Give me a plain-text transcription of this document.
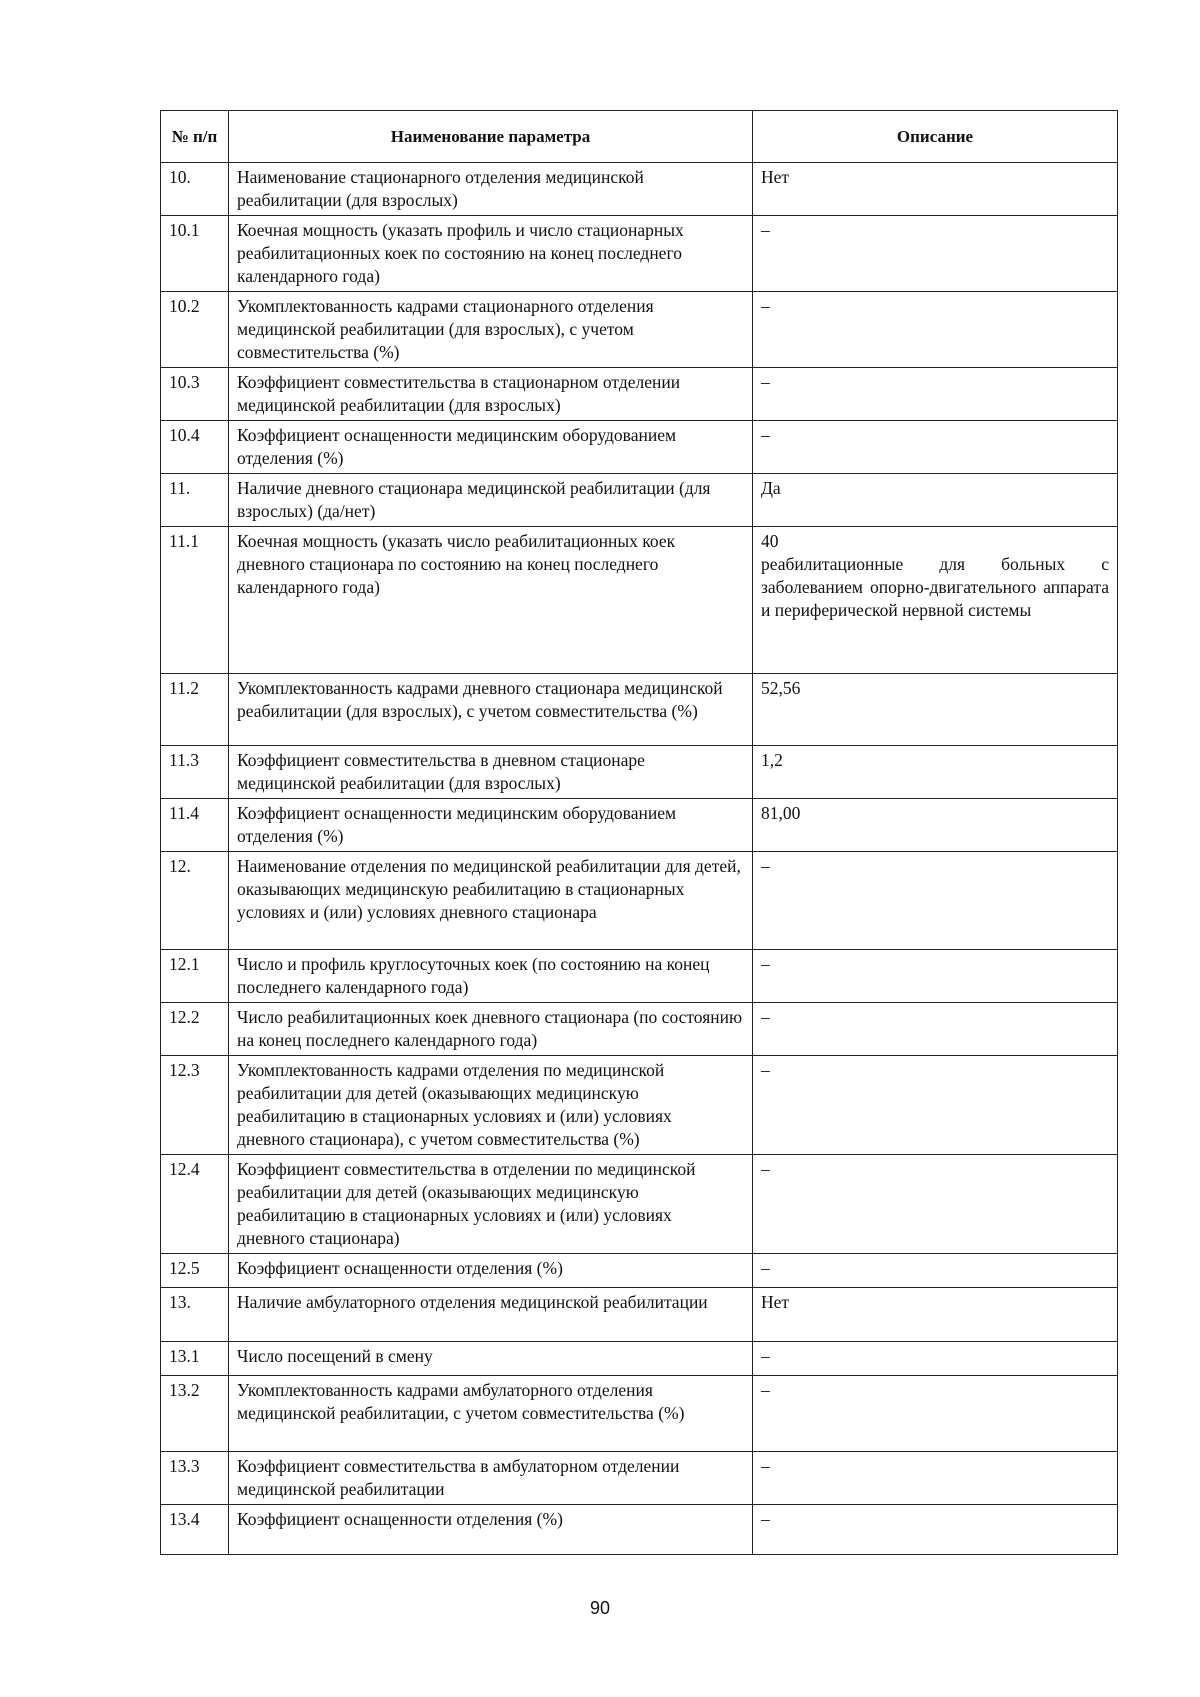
№ п/п	Наименование параметра	Описание
10.	Наименование стационарного отделения медицинской реабилитации (для взрослых)	Нет
10.1	Коечная мощность (указать профиль и число стационарных реабилитационных коек по состоянию на конец последнего календарного года)	–
10.2	Укомплектованность кадрами стационарного отделения медицинской реабилитации (для взрослых), с учетом совместительства (%)	–
10.3	Коэффициент совместительства в стационарном отделении медицинской реабилитации (для взрослых)	–
10.4	Коэффициент оснащенности медицинским оборудованием отделения (%)	–
11.	Наличие дневного стационара медицинской реабилитации (для взрослых) (да/нет)	Да
11.1	Коечная мощность (указать число реабилитационных коек дневного стационара по состоянию на конец последнего календарного года)	40
реабилитационные для больных с заболеванием опорно-двигательного аппарата и периферической нервной системы

11.2	Укомплектованность кадрами дневного стационара медицинской реабилитации (для взрослых), с учетом совместительства (%)	52,56
11.3	Коэффициент совместительства в дневном стационаре медицинской реабилитации (для взрослых)	1,2
11.4	Коэффициент оснащенности медицинским оборудованием отделения (%)	81,00
12.	Наименование отделения по медицинской реабилитации для детей, оказывающих медицинскую реабилитацию в стационарных условиях и (или) условиях дневного стационара	–
12.1	Число и профиль круглосуточных коек (по состоянию на конец последнего календарного года)	–
12.2	Число реабилитационных коек дневного стационара (по состоянию на конец последнего календарного года)	–
12.3	Укомплектованность кадрами отделения по медицинской реабилитации для детей (оказывающих медицинскую реабилитацию в стационарных условиях и (или) условиях дневного стационара), с учетом совместительства (%)	–
12.4	Коэффициент совместительства в отделении по медицинской реабилитации для детей (оказывающих медицинскую реабилитацию в стационарных условиях и (или) условиях дневного стационара)	–
12.5	Коэффициент оснащенности отделения (%)	–
13.	Наличие амбулаторного отделения медицинской реабилитации	Нет
13.1	Число посещений в смену	–
13.2	Укомплектованность кадрами амбулаторного отделения медицинской реабилитации, с учетом совместительства (%)	–
13.3	Коэффициент совместительства в амбулаторном отделении медицинской реабилитации	–
13.4	Коэффициент оснащенности отделения (%)	–
90
